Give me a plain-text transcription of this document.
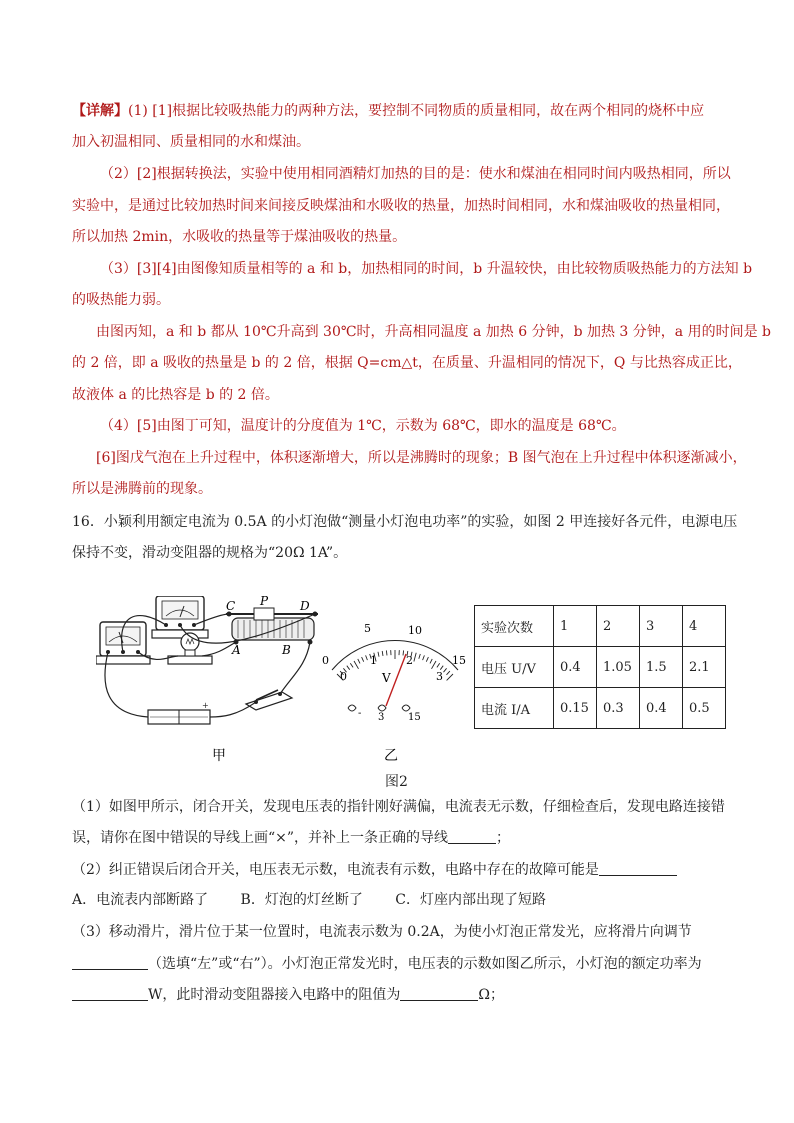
【详解】(1) [1]根据比较吸热能力的两种方法，要控制不同物质的质量相同，故在两个相同的烧杯中应
加入初温相同、质量相同的水和煤油。
（2）[2]根据转换法，实验中使用相同酒精灯加热的目的是：使水和煤油在相同时间内吸热相同，所以
实验中，是通过比较加热时间来间接反映煤油和水吸收的热量，加热时间相同，水和煤油吸收的热量相同，
所以加热 2min，水吸收的热量等于煤油吸收的热量。
（3）[3][4]由图像知质量相等的 a 和 b，加热相同的时间，b 升温较快，由比较物质吸热能力的方法知 b
的吸热能力弱。
由图丙知，a 和 b 都从 10℃升高到 30℃时，升高相同温度 a 加热 6 分钟，b 加热 3 分钟，a 用的时间是 b
的 2 倍，即 a 吸收的热量是 b 的 2 倍，根据 Q=cm△t，在质量、升温相同的情况下，Q 与比热容成正比，
故液体 a 的比热容是 b 的 2 倍。
（4）[5]由图丁可知，温度计的分度值为 1℃，示数为 68℃，即水的温度是 68℃。
[6]图戊气泡在上升过程中，体积逐渐增大，所以是沸腾时的现象；B 图气泡在上升过程中体积逐渐减小，
所以是沸腾前的现象。
16．小颖利用额定电流为 0.5A 的小灯泡做“测量小灯泡电功率”的实验，如图 2 甲连接好各元件，电源电压
保持不变，滑动变阻器的规格为“20Ω 1A”。
C P	D
A	B
+
0
5	10
15
0
1	2
3
V
- 3 15
甲	乙
实验次数	1	2	3	4
电压 U/V	0.4	1.05	1.5	2.1
电流 I/A	0.15	0.3	0.4	0.5
图2
（1）如图甲所示，闭合开关，发现电压表的指针刚好满偏，电流表无示数，仔细检查后，发现电路连接错
误，请你在图中错误的导线上画“×”，并补上一条正确的导线	；
（2）纠正错误后闭合开关，电压表无示数，电流表有示数，电路中存在的故障可能是
A．电流表内部断路了　　 B．灯泡的灯丝断了　　 C．灯座内部出现了短路
（3）移动滑片，滑片位于某一位置时，电流表示数为 0.2A，为使小灯泡正常发光，应将滑片向调节
（选填“左”或“右”）。小灯泡正常发光时，电压表的示数如图乙所示，小灯泡的额定功率为
W，此时滑动变阻器接入电路中的阻值为	Ω；
